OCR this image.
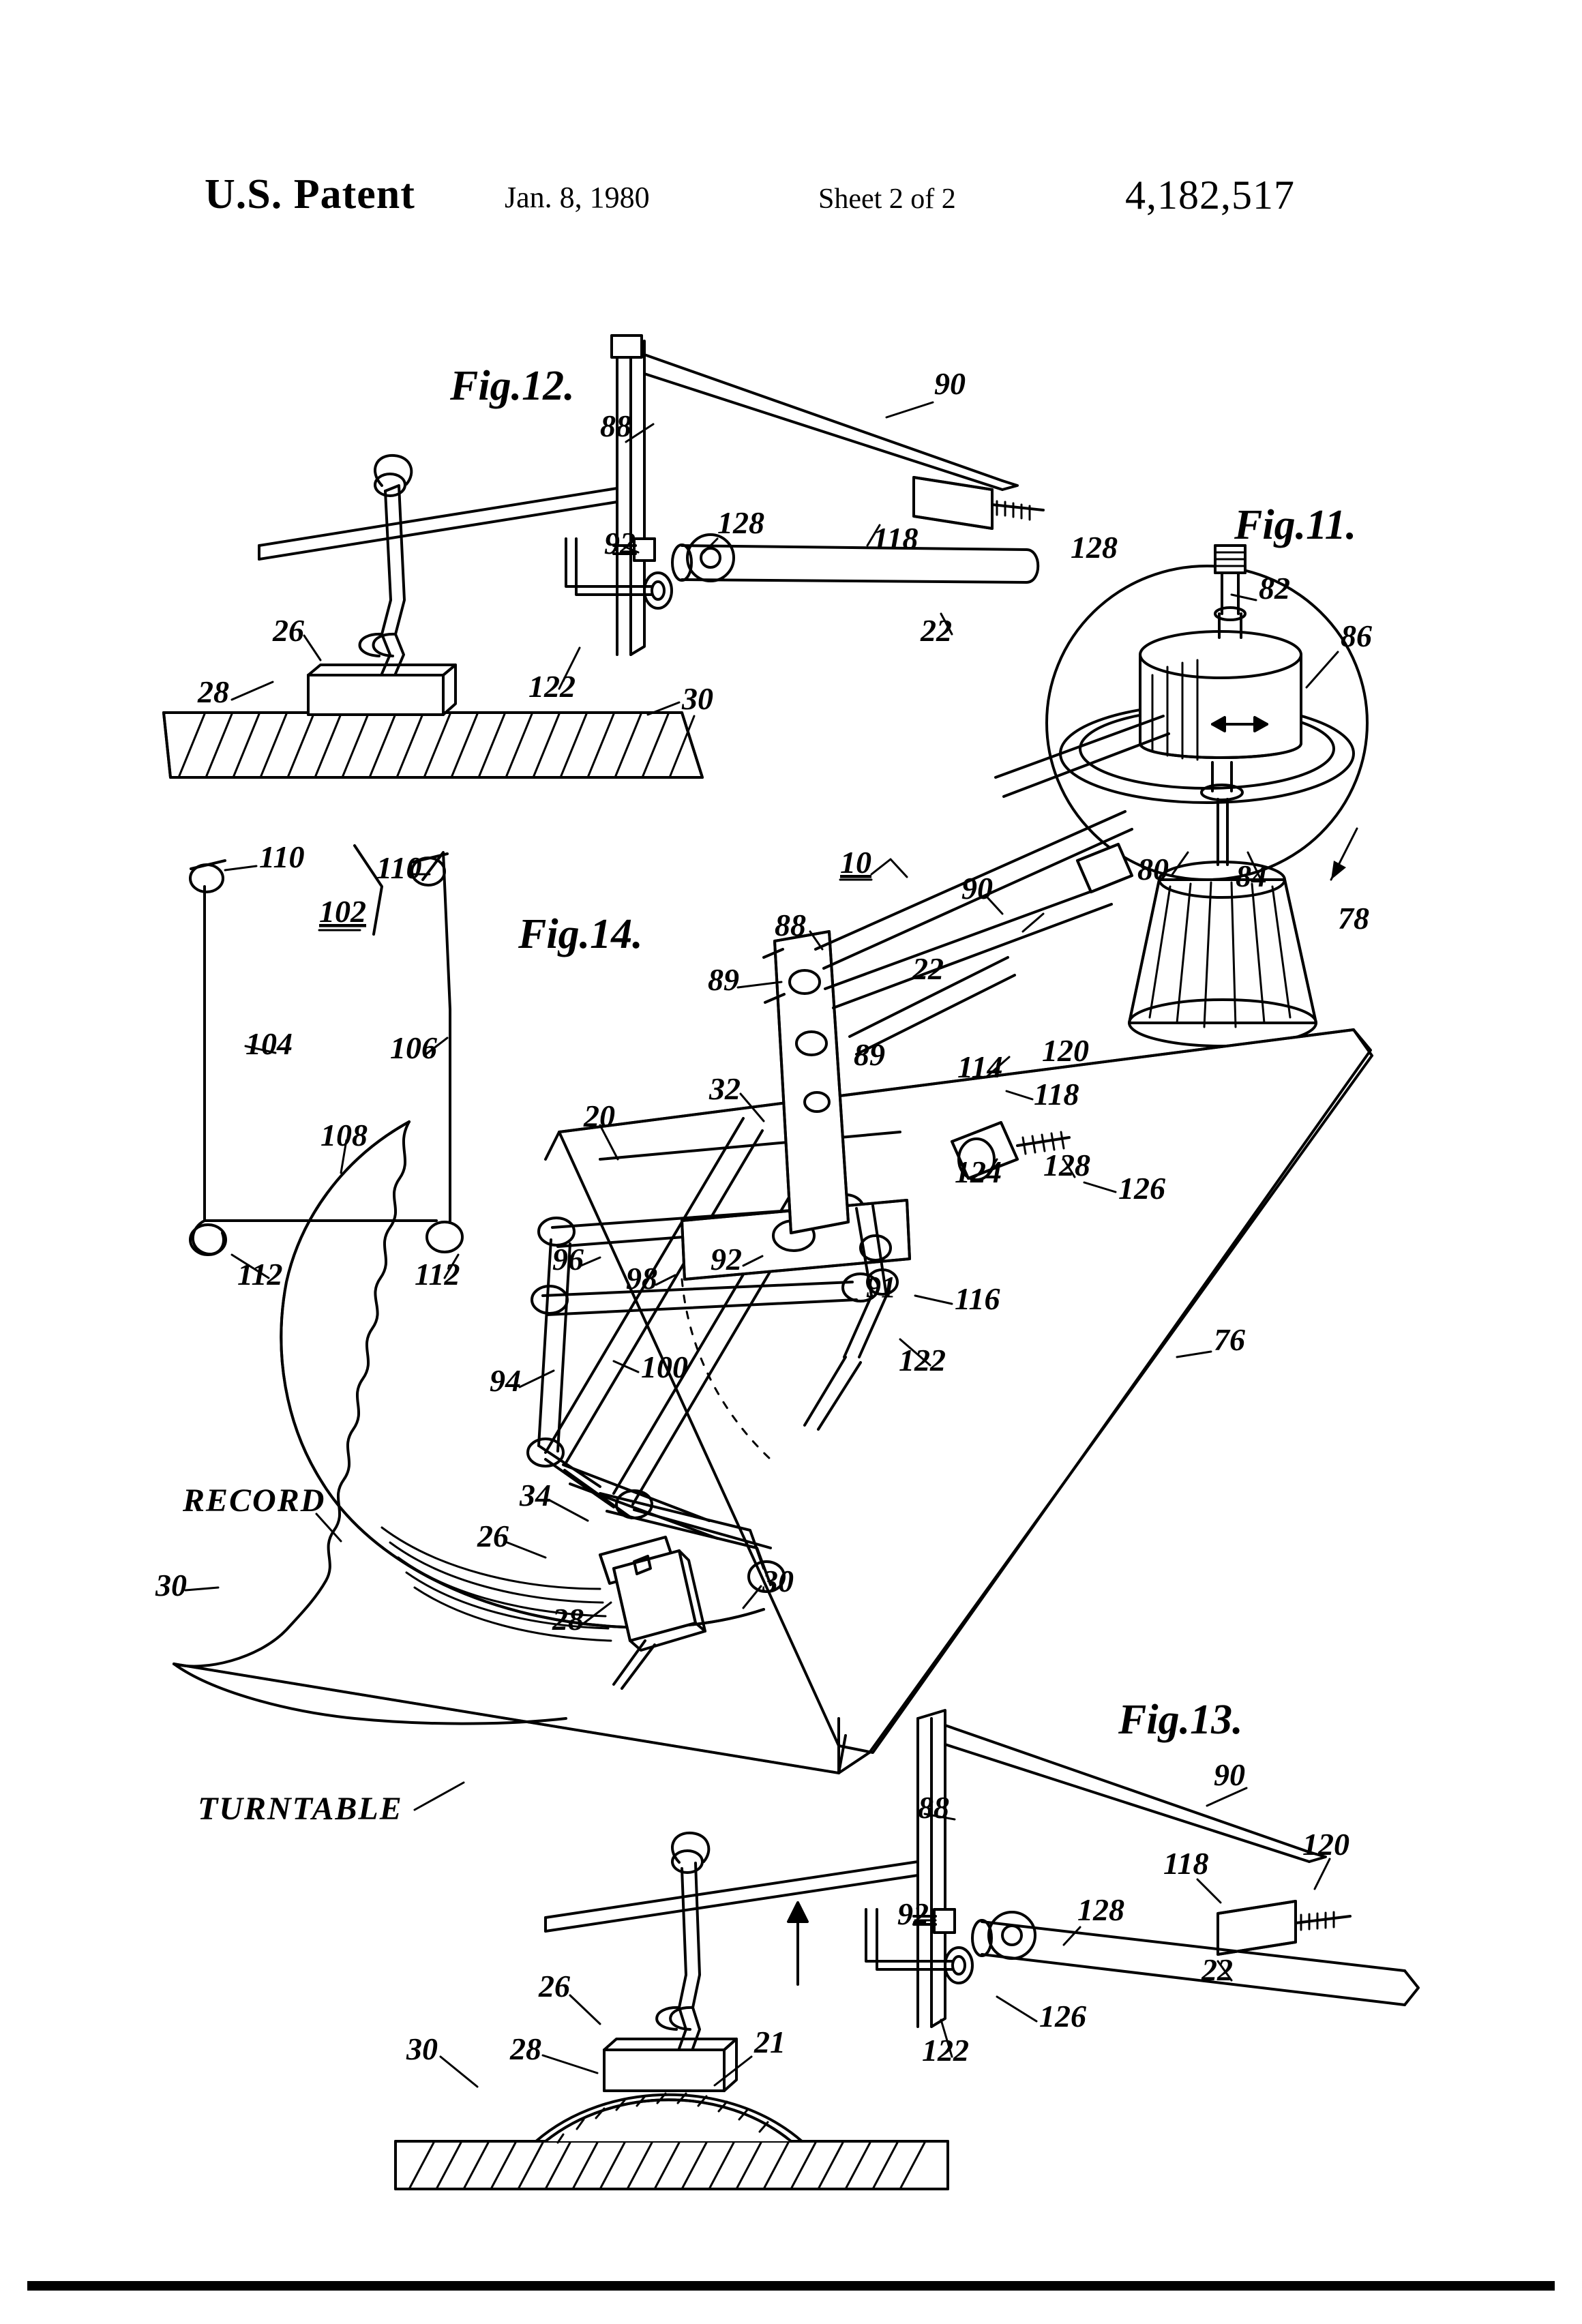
U.S. Patent	Jan. 8, 1980	Sheet 2 of 2	4,182,517
Fig.12.
88
90
92
128	118	128
26	22
28	122	30
Fig.11.
82
86
80 84
78
Fig.14.
10
90
88
89
89
22
114 120
118
32
20
124 128
126
96
98
92
91 116
122
94	100
34
26
28
30
76
30
RECORD
TURNTABLE
110 110
102
104	106
108
112	112
Fig.13.
88
90
118
120
92	128
22
26
126
28	21	122
30
